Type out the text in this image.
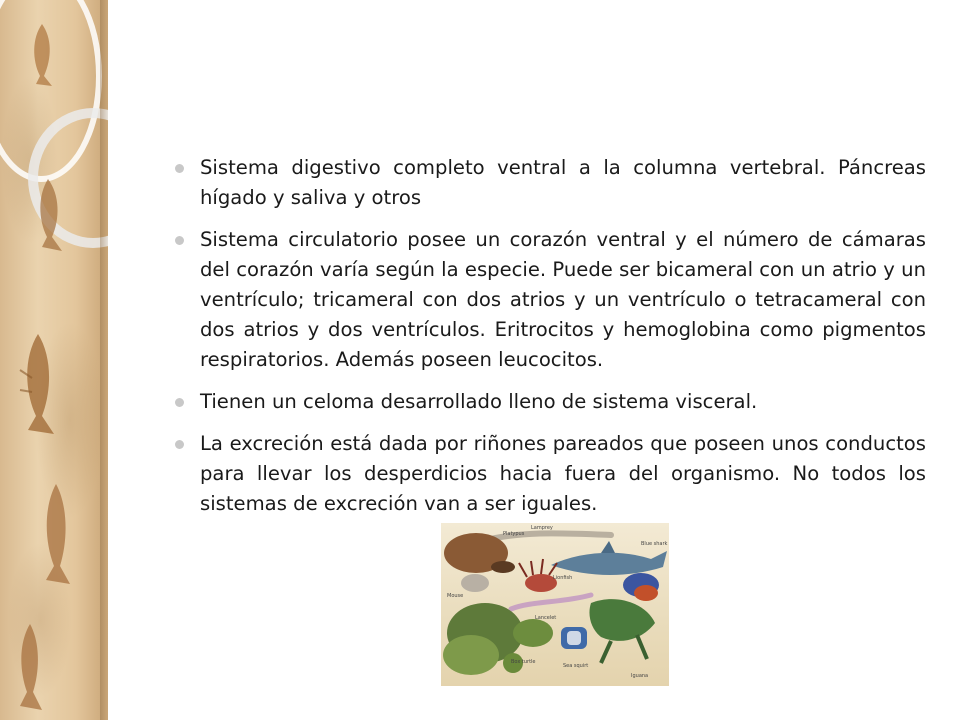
Sistema digestivo completo ventral a la columna vertebral. Páncreas hígado y saliva y otros
Sistema circulatorio posee un corazón ventral y el número de cámaras del corazón varía según la especie. Puede ser bicameral con un atrio y un ventrículo; tricameral con dos atrios y un ventrículo o tetracameral con dos atrios y dos ventrículos. Eritrocitos y hemoglobina como pigmentos respiratorios. Además poseen leucocitos.
Tienen un celoma desarrollado lleno de sistema visceral.
La excreción está dada por riñones pareados que poseen unos conductos para llevar los desperdicios hacia fuera del organismo. No todos los sistemas de excreción van a ser iguales.
Lamprey
Platypus
Blue shark
Lionfish
Mouse
Lancelet
Box turtle
Sea squirt
Iguana
